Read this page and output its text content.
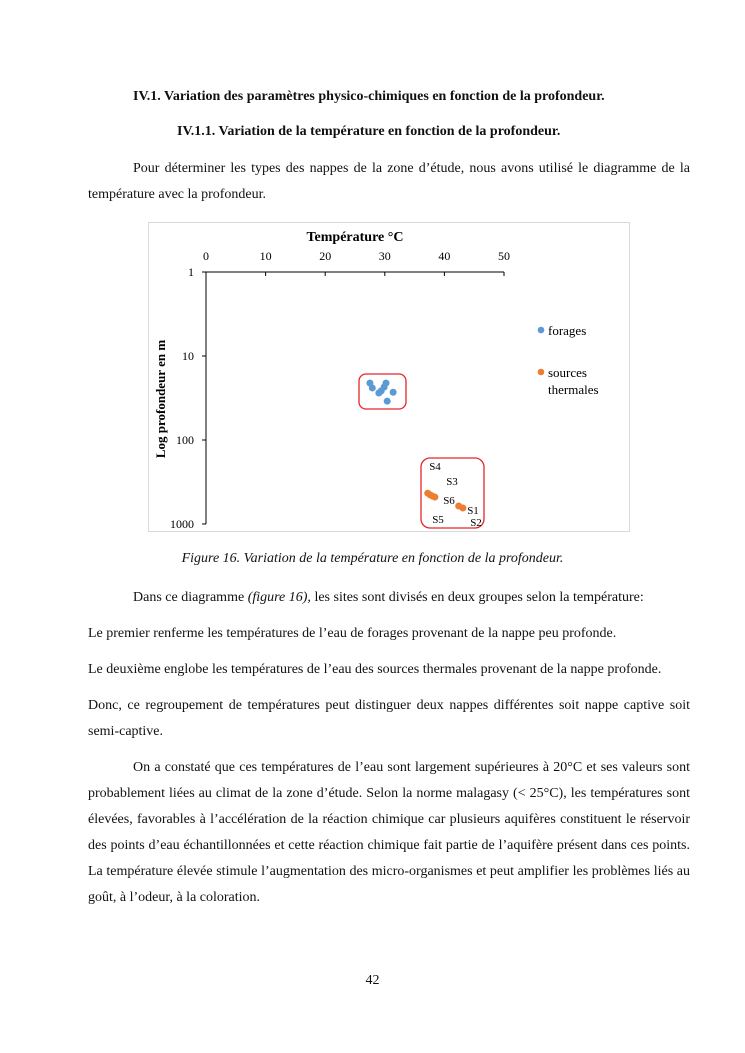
IV.1. Variation des paramètres physico-chimiques en fonction de la profondeur.
IV.1.1. Variation de la température en fonction de la profondeur.
Pour déterminer les types des nappes de la zone d’étude, nous avons utilisé le diagramme de la température avec la profondeur.
Température °C
0	10	20	30	40	50
1
10
100
1000
Log profondeur en m
S4
S3
S6
S1
S5 S2
forages
sources
thermales
Figure 16. Variation de la température en fonction de la profondeur.
Dans ce diagramme (figure 16), les sites sont divisés en deux groupes selon la température:
Le premier renferme les températures de l’eau de forages provenant de la nappe peu profonde.
Le deuxième englobe les températures de l’eau des sources thermales provenant de la nappe profonde.
Donc, ce regroupement de températures peut distinguer deux nappes différentes soit nappe captive soit semi-captive.
On a constaté que ces températures de l’eau sont largement supérieures à 20°C et ses valeurs sont probablement liées au climat de la zone d’étude. Selon la norme malagasy (< 25°C), les températures sont élevées, favorables à l’accélération de la réaction chimique car plusieurs aquifères constituent le réservoir des points d’eau échantillonnées et cette réaction chimique fait partie de l’aquifère présent dans ces points. La température élevée stimule l’augmentation des micro-organismes et peut amplifier les problèmes liés au goût, à l’odeur, à la coloration.
42
